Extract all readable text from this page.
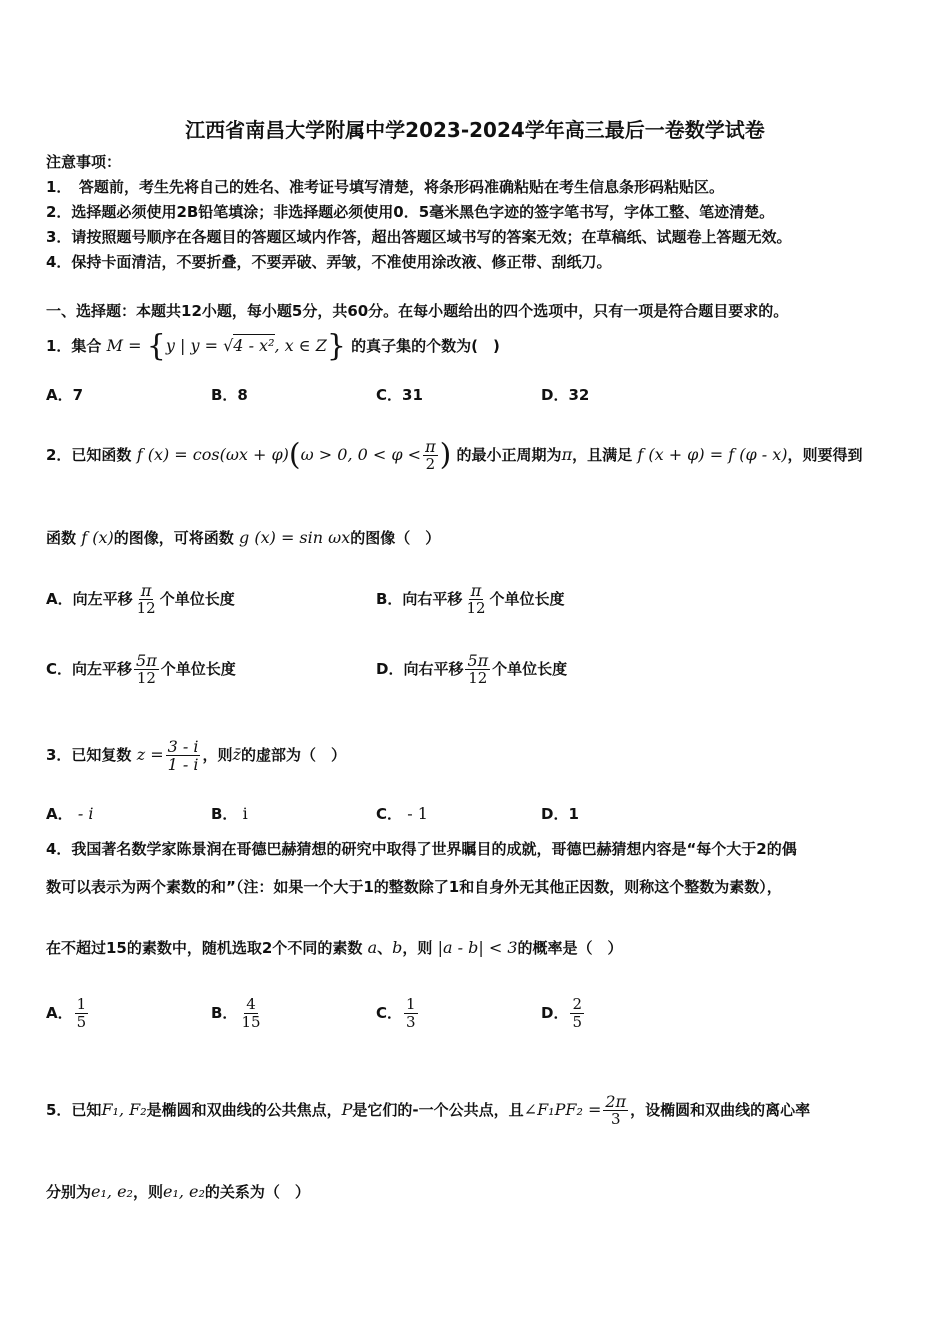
江西省南昌大学附属中学2023-2024学年高三最后一卷数学试卷
注意事项：
1．　答题前，考生先将自己的姓名、准考证号填写清楚，将条形码准确粘贴在考生信息条形码粘贴区。
2．选择题必须使用2B铅笔填涂；非选择题必须使用0．5毫米黑色字迹的签字笔书写，字体工整、笔迹清楚。
3．请按照题号顺序在各题目的答题区域内作答，超出答题区域书写的答案无效；在草稿纸、试题卷上答题无效。
4．保持卡面清洁，不要折叠，不要弄破、弄皱，不准使用涂改液、修正带、刮纸刀。
一、选择题：本题共12小题，每小题5分，共60分。在每小题给出的四个选项中，只有一项是符合题目要求的。
1．集合 M = {y | y = √4 - x², x ∈ Z} 的真子集的个数为(　)
A．7	B．8	C．31	D．32
2．已知函数 f (x) = cos(ωx + φ)(ω > 0, $0 < \varphi < \frac{\pi}{2}$ ) 的最小正周期为π，且满足 f (x + φ) = f (φ - x)，则要得到
函数 f (x)的图像，可将函数 g (x) = sin ωx的图像（　）
A．向左平移 $\frac{\pi}{12}$ 个单位长度	B．向右平移 $\frac{\pi}{12}$ 个单位长度
C．向左平移 $\frac{5\pi}{12}$ 个单位长度	D．向右平移 $\frac{5\pi}{12}$ 个单位长度
3．已知复数 $z = \frac{3 - i}{1 - i}$ ，则z̄的虚部为（　）
A． - i	B． i	C． - 1	D．1
4．我国著名数学家陈景润在哥德巴赫猜想的研究中取得了世界瞩目的成就，哥德巴赫猜想内容是“每个大于2的偶
数可以表示为两个素数的和”（注：如果一个大于1的整数除了1和自身外无其他正因数，则称这个整数为素数），
在不超过15的素数中，随机选取2个不同的素数 a、b，则 |a - b| < 3的概率是（　）
A． $\frac{1}{5}$	B． $\frac{4}{15}$	C． $\frac{1}{3}$	D． $\frac{2}{5}$
5．已知F₁, F₂是椭圆和双曲线的公共焦点，P是它们的-一个公共点，且∠F₁PF₂ = $\frac{2\pi}{3}$ ，设椭圆和双曲线的离心率
分别为e₁, e₂，则e₁, e₂的关系为（　）
